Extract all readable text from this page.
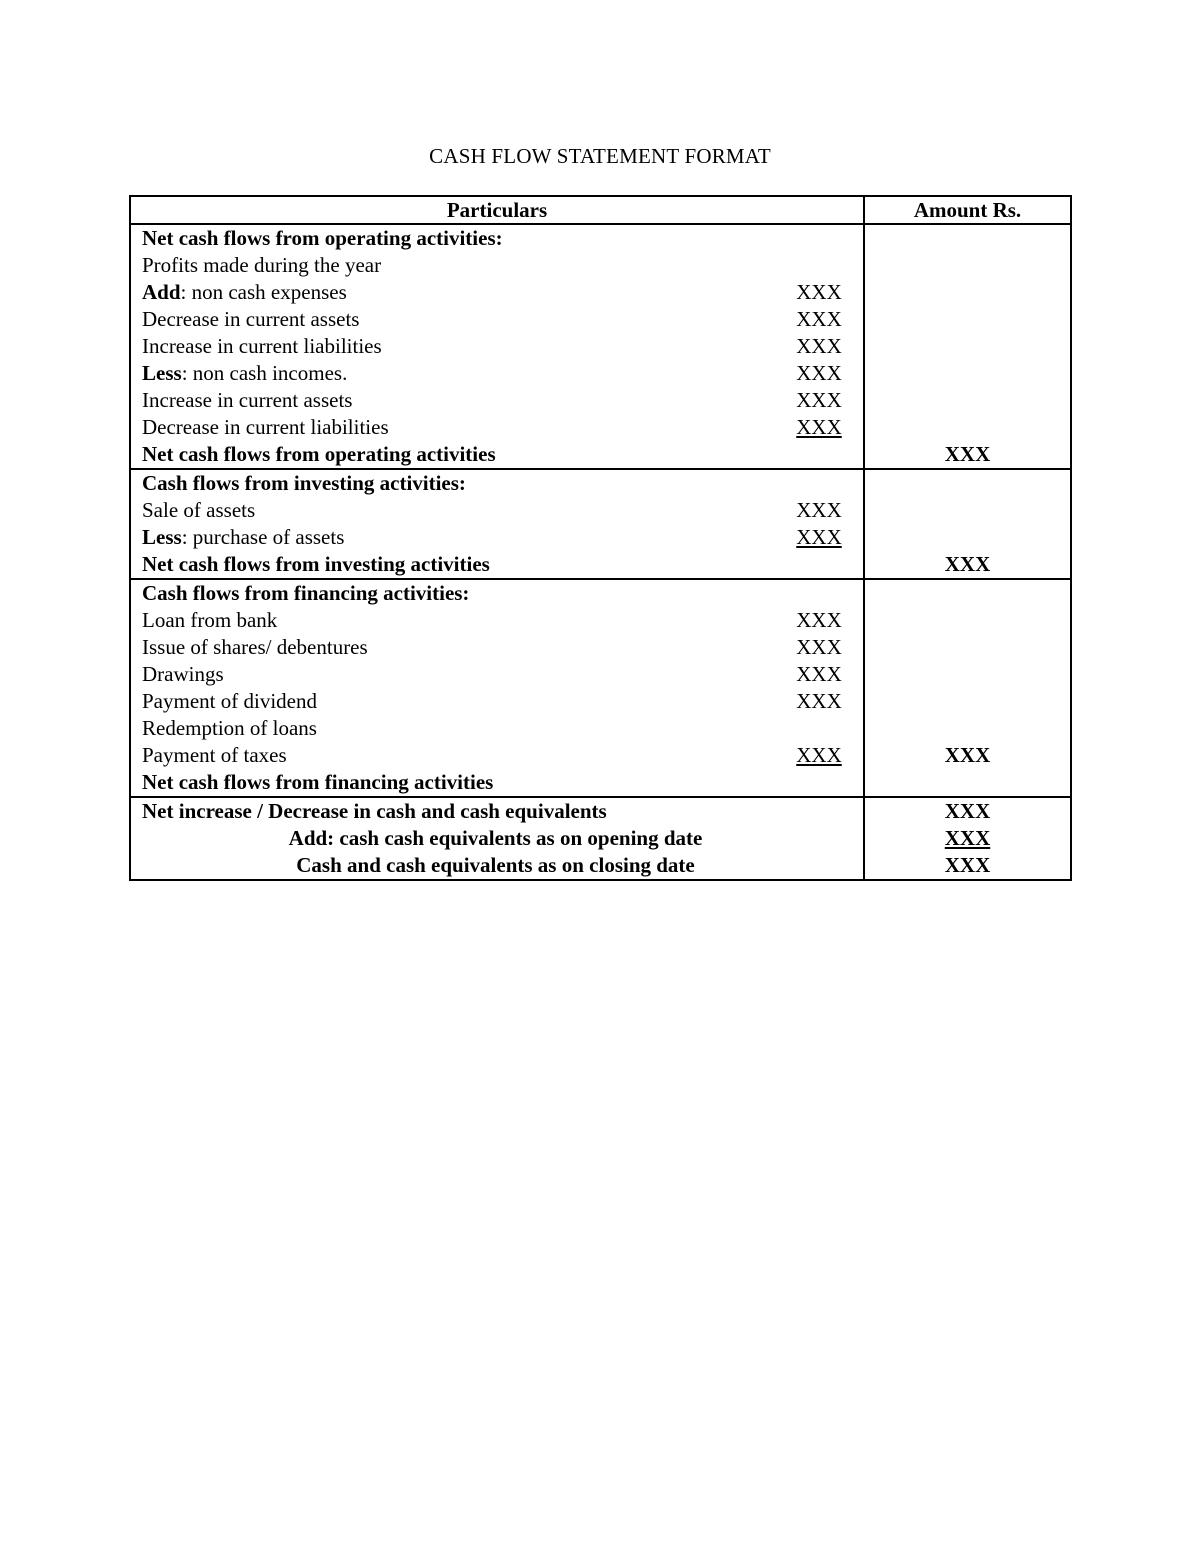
CASH FLOW STATEMENT FORMAT
Particulars	Amount Rs.

Net cash flows from operating activities:	

Profits made during the year	

Add: non cash expenses XXX	

Decrease in current assets XXX	

Increase in current liabilities XXX	

Less: non cash incomes. XXX	

Increase in current assets XXX	

Decrease in current liabilities XXX	

Net cash flows from operating activities	XXX

Cash flows from investing activities:	

Sale of assets XXX	

Less: purchase of assets XXX	

Net cash flows from investing activities	XXX

Cash flows from financing activities:	

Loan from bank XXX	

Issue of shares/ debentures XXX	

Drawings XXX	

Payment of dividend XXX	

Redemption of loans	

Payment of taxes XXX	XXX

Net cash flows from financing activities	

Net increase / Decrease in cash and cash equivalents	XXX

Add: cash cash equivalents as on opening date	XXX

Cash and cash equivalents as on closing date	XXX
